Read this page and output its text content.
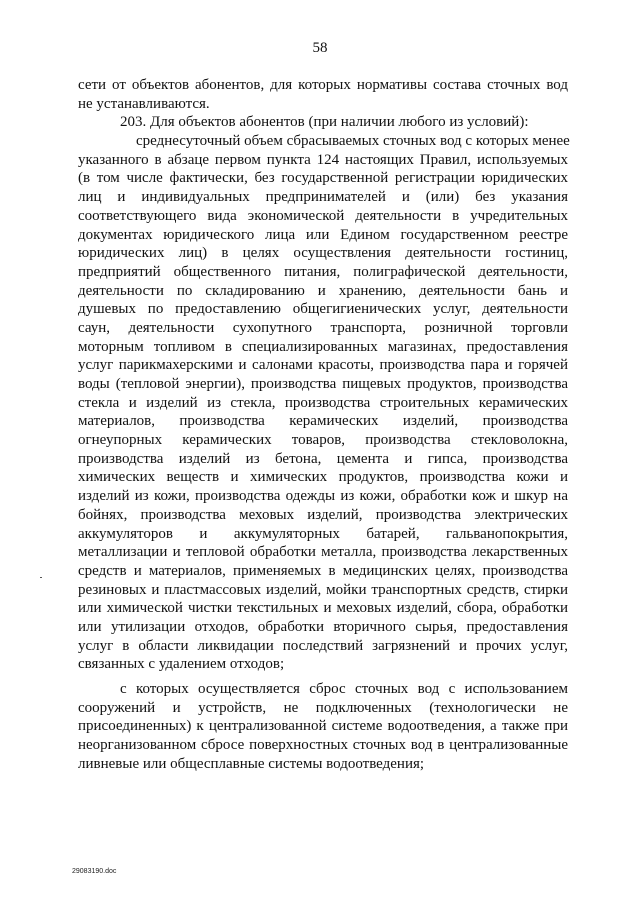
58
сети от объектов абонентов, для которых нормативы состава сточных вод
не устанавливаются.
203. Для объектов абонентов (при наличии любого из условий):
среднесуточный объем сбрасываемых сточных вод с которых менее
указанного в абзаце первом пункта 124 настоящих Правил, используемых
(в том числе фактически, без государственной регистрации юридических
лиц и индивидуальных предпринимателей и (или) без указания
соответствующего вида экономической деятельности в учредительных
документах юридического лица или Едином государственном реестре
юридических лиц) в целях осуществления деятельности гостиниц,
предприятий общественного питания, полиграфической деятельности,
деятельности по складированию и хранению, деятельности бань и
душевых по предоставлению общегигиенических услуг, деятельности
саун, деятельности сухопутного транспорта, розничной торговли
моторным топливом в специализированных магазинах, предоставления
услуг парикмахерскими и салонами красоты, производства пара и горячей
воды (тепловой энергии), производства пищевых продуктов, производства
стекла и изделий из стекла, производства строительных керамических
материалов, производства керамических изделий, производства
огнеупорных керамических товаров, производства стекловолокна,
производства изделий из бетона, цемента и гипса, производства
химических веществ и химических продуктов, производства кожи и
изделий из кожи, производства одежды из кожи, обработки кож и шкур на
бойнях, производства меховых изделий, производства электрических
аккумуляторов и аккумуляторных батарей, гальванопокрытия,
металлизации и тепловой обработки металла, производства лекарственных
средств и материалов, применяемых в медицинских целях, производства
резиновых и пластмассовых изделий, мойки транспортных средств, стирки
или химической чистки текстильных и меховых изделий, сбора, обработки
или утилизации отходов, обработки вторичного сырья, предоставления
услуг в области ликвидации последствий загрязнений и прочих услуг,
связанных с удалением отходов;
с которых осуществляется сброс сточных вод с использованием
сооружений и устройств, не подключенных (технологически не
присоединенных) к централизованной системе водоотведения, а также при
неорганизованном сбросе поверхностных сточных вод в централизованные
ливневые или общесплавные системы водоотведения;
29083190.doc
